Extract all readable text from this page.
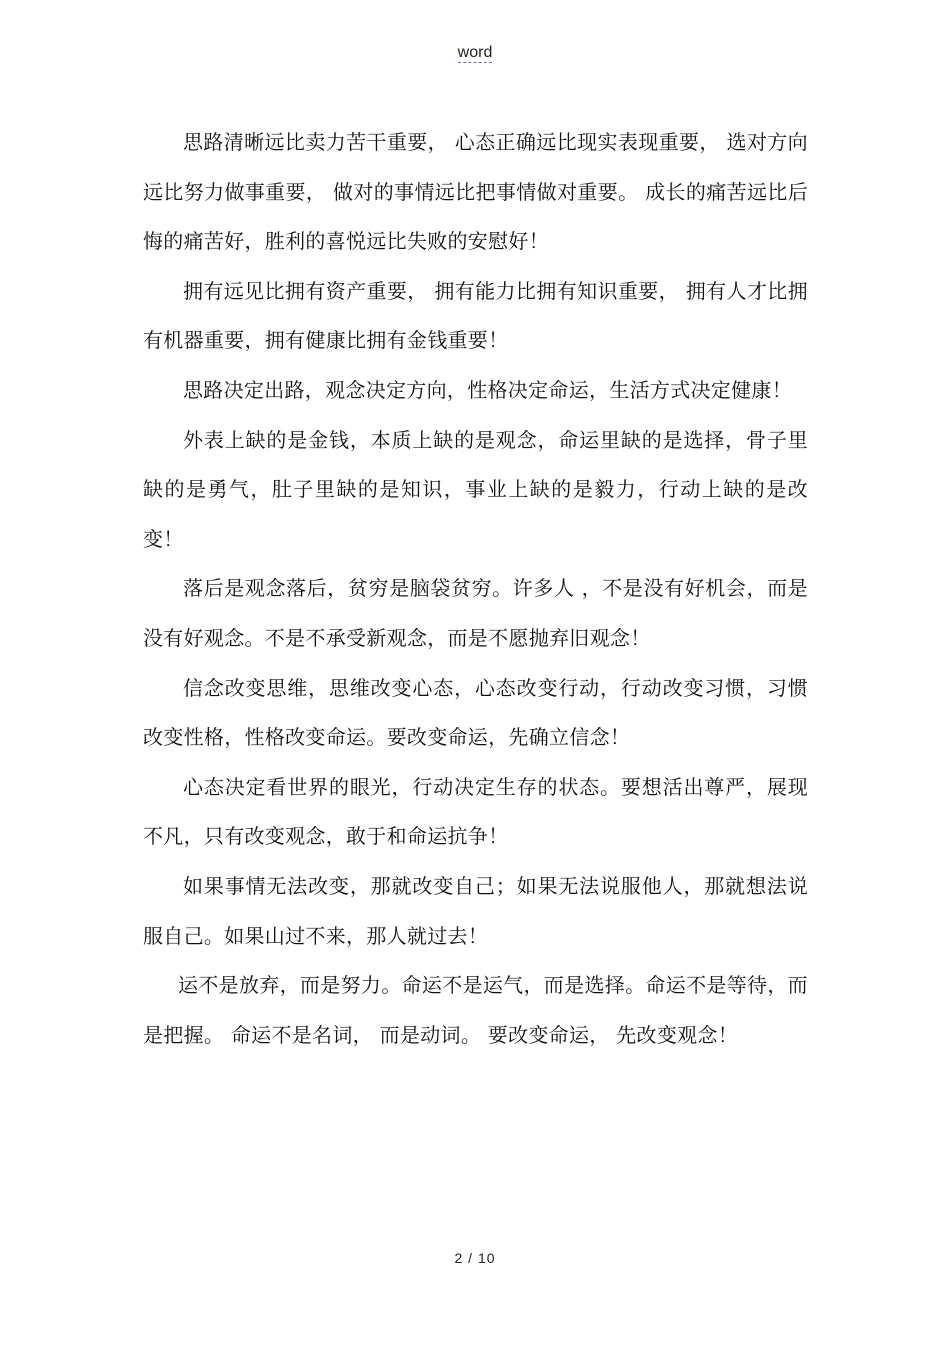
word

思路清晰远比卖力苦干重要， 心态正确远比现实表现重要， 选对方向远比努力做事重要， 做对的事情远比把事情做对重要。 成长的痛苦远比后悔的痛苦好，胜利的喜悦远比失败的安慰好！

拥有远见比拥有资产重要， 拥有能力比拥有知识重要， 拥有人才比拥有机器重要，拥有健康比拥有金钱重要！

思路决定出路，观念决定方向，性格决定命运，生活方式决定健康！

外表上缺的是金钱，本质上缺的是观念，命运里缺的是选择，骨子里缺的是勇气，肚子里缺的是知识，事业上缺的是毅力，行动上缺的是改变！

落后是观念落后，贫穷是脑袋贫穷。许多人 ，不是没有好机会，而是没有好观念。不是不承受新观念，而是不愿抛弃旧观念！

信念改变思维，思维改变心态，心态改变行动，行动改变习惯，习惯改变性格，性格改变命运。要改变命运，先确立信念！

心态决定看世界的眼光，行动决定生存的状态。要想活出尊严，展现不凡，只有改变观念，敢于和命运抗争！

如果事情无法改变，那就改变自己；如果无法说服他人，那就想法说服自己。如果山过不来，那人就过去！

运不是放弃，而是努力。命运不是运气，而是选择。命运不是等待，而是把握。 命运不是名词， 而是动词。 要改变命运， 先改变观念！

2 / 10
